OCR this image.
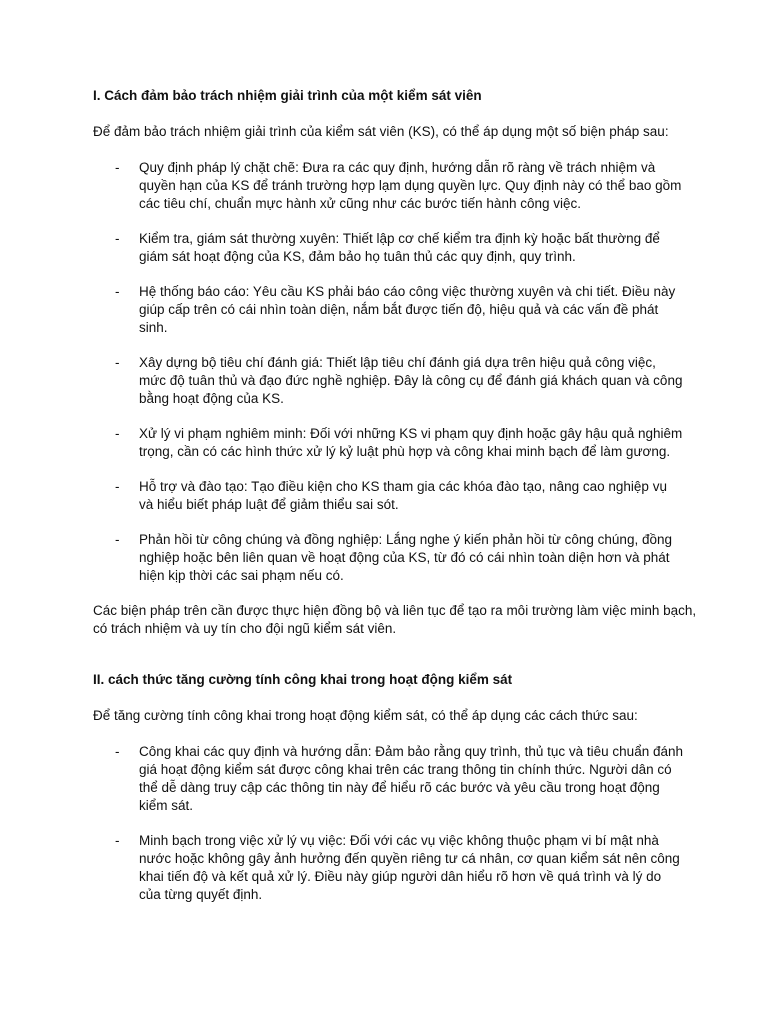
I. Cách đảm bảo trách nhiệm giải trình của một kiểm sát viên

Để đảm bảo trách nhiệm giải trình của kiểm sát viên (KS), có thể áp dụng một số biện pháp sau:

- Quy định pháp lý chặt chẽ: Đưa ra các quy định, hướng dẫn rõ ràng về trách nhiệm và quyền hạn của KS để tránh trường hợp lạm dụng quyền lực. Quy định này có thể bao gồm các tiêu chí, chuẩn mực hành xử cũng như các bước tiến hành công việc.
- Kiểm tra, giám sát thường xuyên: Thiết lập cơ chế kiểm tra định kỳ hoặc bất thường để giám sát hoạt động của KS, đảm bảo họ tuân thủ các quy định, quy trình.
- Hệ thống báo cáo: Yêu cầu KS phải báo cáo công việc thường xuyên và chi tiết. Điều này giúp cấp trên có cái nhìn toàn diện, nắm bắt được tiến độ, hiệu quả và các vấn đề phát sinh.
- Xây dựng bộ tiêu chí đánh giá: Thiết lập tiêu chí đánh giá dựa trên hiệu quả công việc, mức độ tuân thủ và đạo đức nghề nghiệp. Đây là công cụ để đánh giá khách quan và công bằng hoạt động của KS.
- Xử lý vi phạm nghiêm minh: Đối với những KS vi phạm quy định hoặc gây hậu quả nghiêm trọng, cần có các hình thức xử lý kỷ luật phù hợp và công khai minh bạch để làm gương.
- Hỗ trợ và đào tạo: Tạo điều kiện cho KS tham gia các khóa đào tạo, nâng cao nghiệp vụ và hiểu biết pháp luật để giảm thiểu sai sót.
- Phản hồi từ công chúng và đồng nghiệp: Lắng nghe ý kiến phản hồi từ công chúng, đồng nghiệp hoặc bên liên quan về hoạt động của KS, từ đó có cái nhìn toàn diện hơn và phát hiện kịp thời các sai phạm nếu có.

Các biện pháp trên cần được thực hiện đồng bộ và liên tục để tạo ra môi trường làm việc minh bạch, có trách nhiệm và uy tín cho đội ngũ kiểm sát viên.

II. cách thức tăng cường tính công khai trong hoạt động kiểm sát

Để tăng cường tính công khai trong hoạt động kiểm sát, có thể áp dụng các cách thức sau:

- Công khai các quy định và hướng dẫn: Đảm bảo rằng quy trình, thủ tục và tiêu chuẩn đánh giá hoạt động kiểm sát được công khai trên các trang thông tin chính thức. Người dân có thể dễ dàng truy cập các thông tin này để hiểu rõ các bước và yêu cầu trong hoạt động kiểm sát.
- Minh bạch trong việc xử lý vụ việc: Đối với các vụ việc không thuộc phạm vi bí mật nhà nước hoặc không gây ảnh hưởng đến quyền riêng tư cá nhân, cơ quan kiểm sát nên công khai tiến độ và kết quả xử lý. Điều này giúp người dân hiểu rõ hơn về quá trình và lý do của từng quyết định.
